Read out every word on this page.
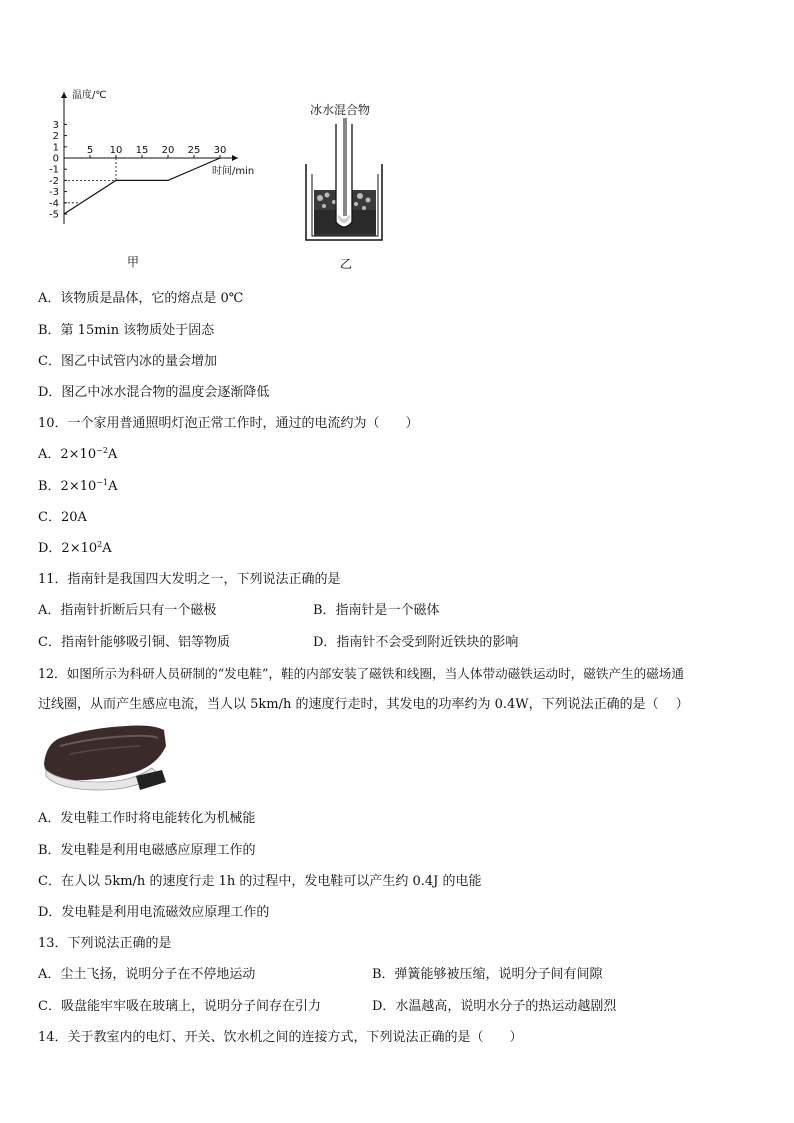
温度/℃
时间/min
3
2
1
0
-1
-2
-3
-4
-5
5 10 15 20 25 30
甲
冰水混合物
乙
A．该物质是晶体，它的熔点是 0℃
B．第 15min 该物质处于固态
C．图乙中试管内冰的量会增加
D．图乙中冰水混合物的温度会逐渐降低
10．一个家用普通照明灯泡正常工作时，通过的电流约为（　　）
A．$2\times 10^{-2}A$
B．$2\times 10^{-1}A$
C．20A
D．$2\times 10^2A$
11．指南针是我国四大发明之一，下列说法正确的是
A．指南针折断后只有一个磁极	B．指南针是一个磁体
C．指南针能够吸引铜、铝等物质	D．指南针不会受到附近铁块的影响
12．如图所示为科研人员研制的“发电鞋”，鞋的内部安装了磁铁和线圈，当人体带动磁铁运动时，磁铁产生的磁场通
过线圈，从而产生感应电流，当人以 5km/h 的速度行走时，其发电的功率约为 0.4W，下列说法正确的是（　 ）
A．发电鞋工作时将电能转化为机械能
B．发电鞋是利用电磁感应原理工作的
C．在人以 5km/h 的速度行走 1h 的过程中，发电鞋可以产生约 0.4J 的电能
D．发电鞋是利用电流磁效应原理工作的
13．下列说法正确的是
A．尘土飞扬，说明分子在不停地运动	B．弹簧能够被压缩，说明分子间有间隙
C．吸盘能牢牢吸在玻璃上，说明分子间存在引力	D．水温越高，说明水分子的热运动越剧烈
14．关于教室内的电灯、开关、饮水机之间的连接方式，下列说法正确的是（　　）
